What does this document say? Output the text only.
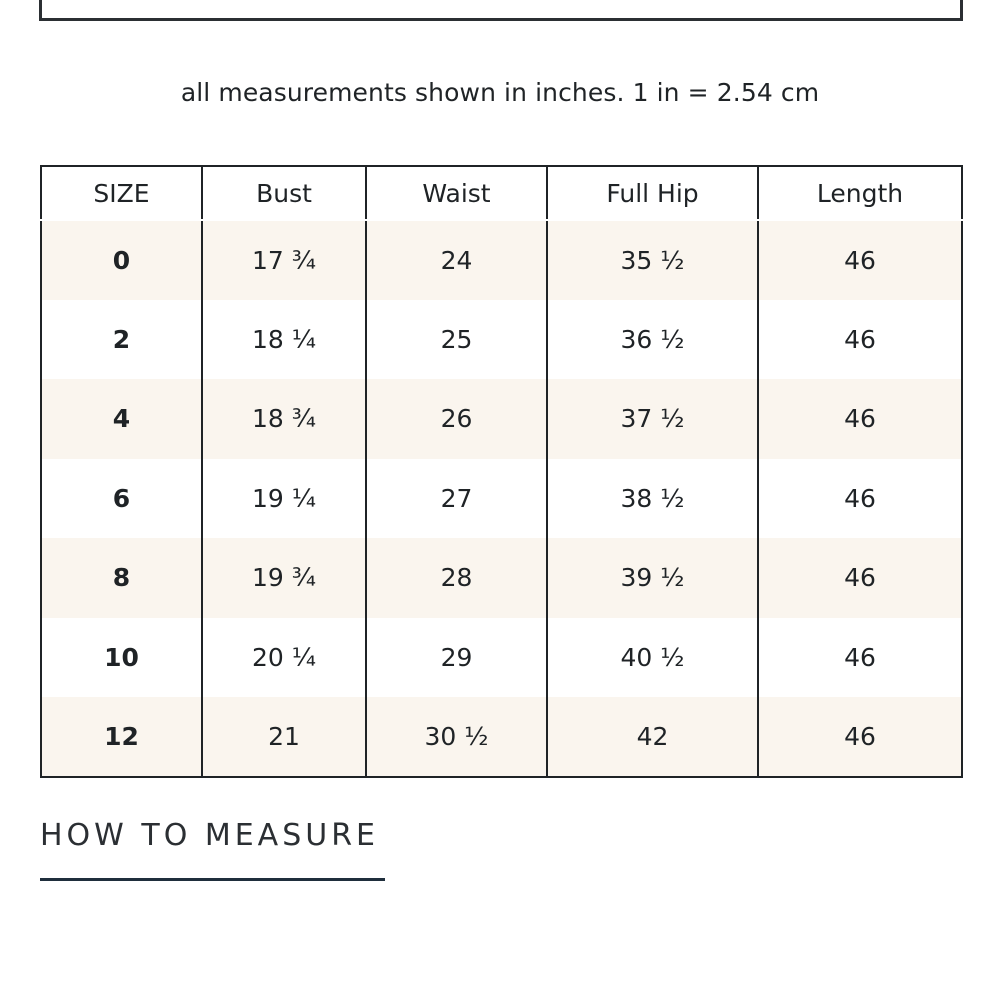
all measurements shown in inches. 1 in = 2.54 cm
SIZE	Bust	Waist	Full Hip	Length
0	17 ¾	24	35 ½	46
2	18 ¼	25	36 ½	46
4	18 ¾	26	37 ½	46
6	19 ¼	27	38 ½	46
8	19 ¾	28	39 ½	46
10	20 ¼	29	40 ½	46
12	21	30 ½	42	46
HOW TO MEASURE
